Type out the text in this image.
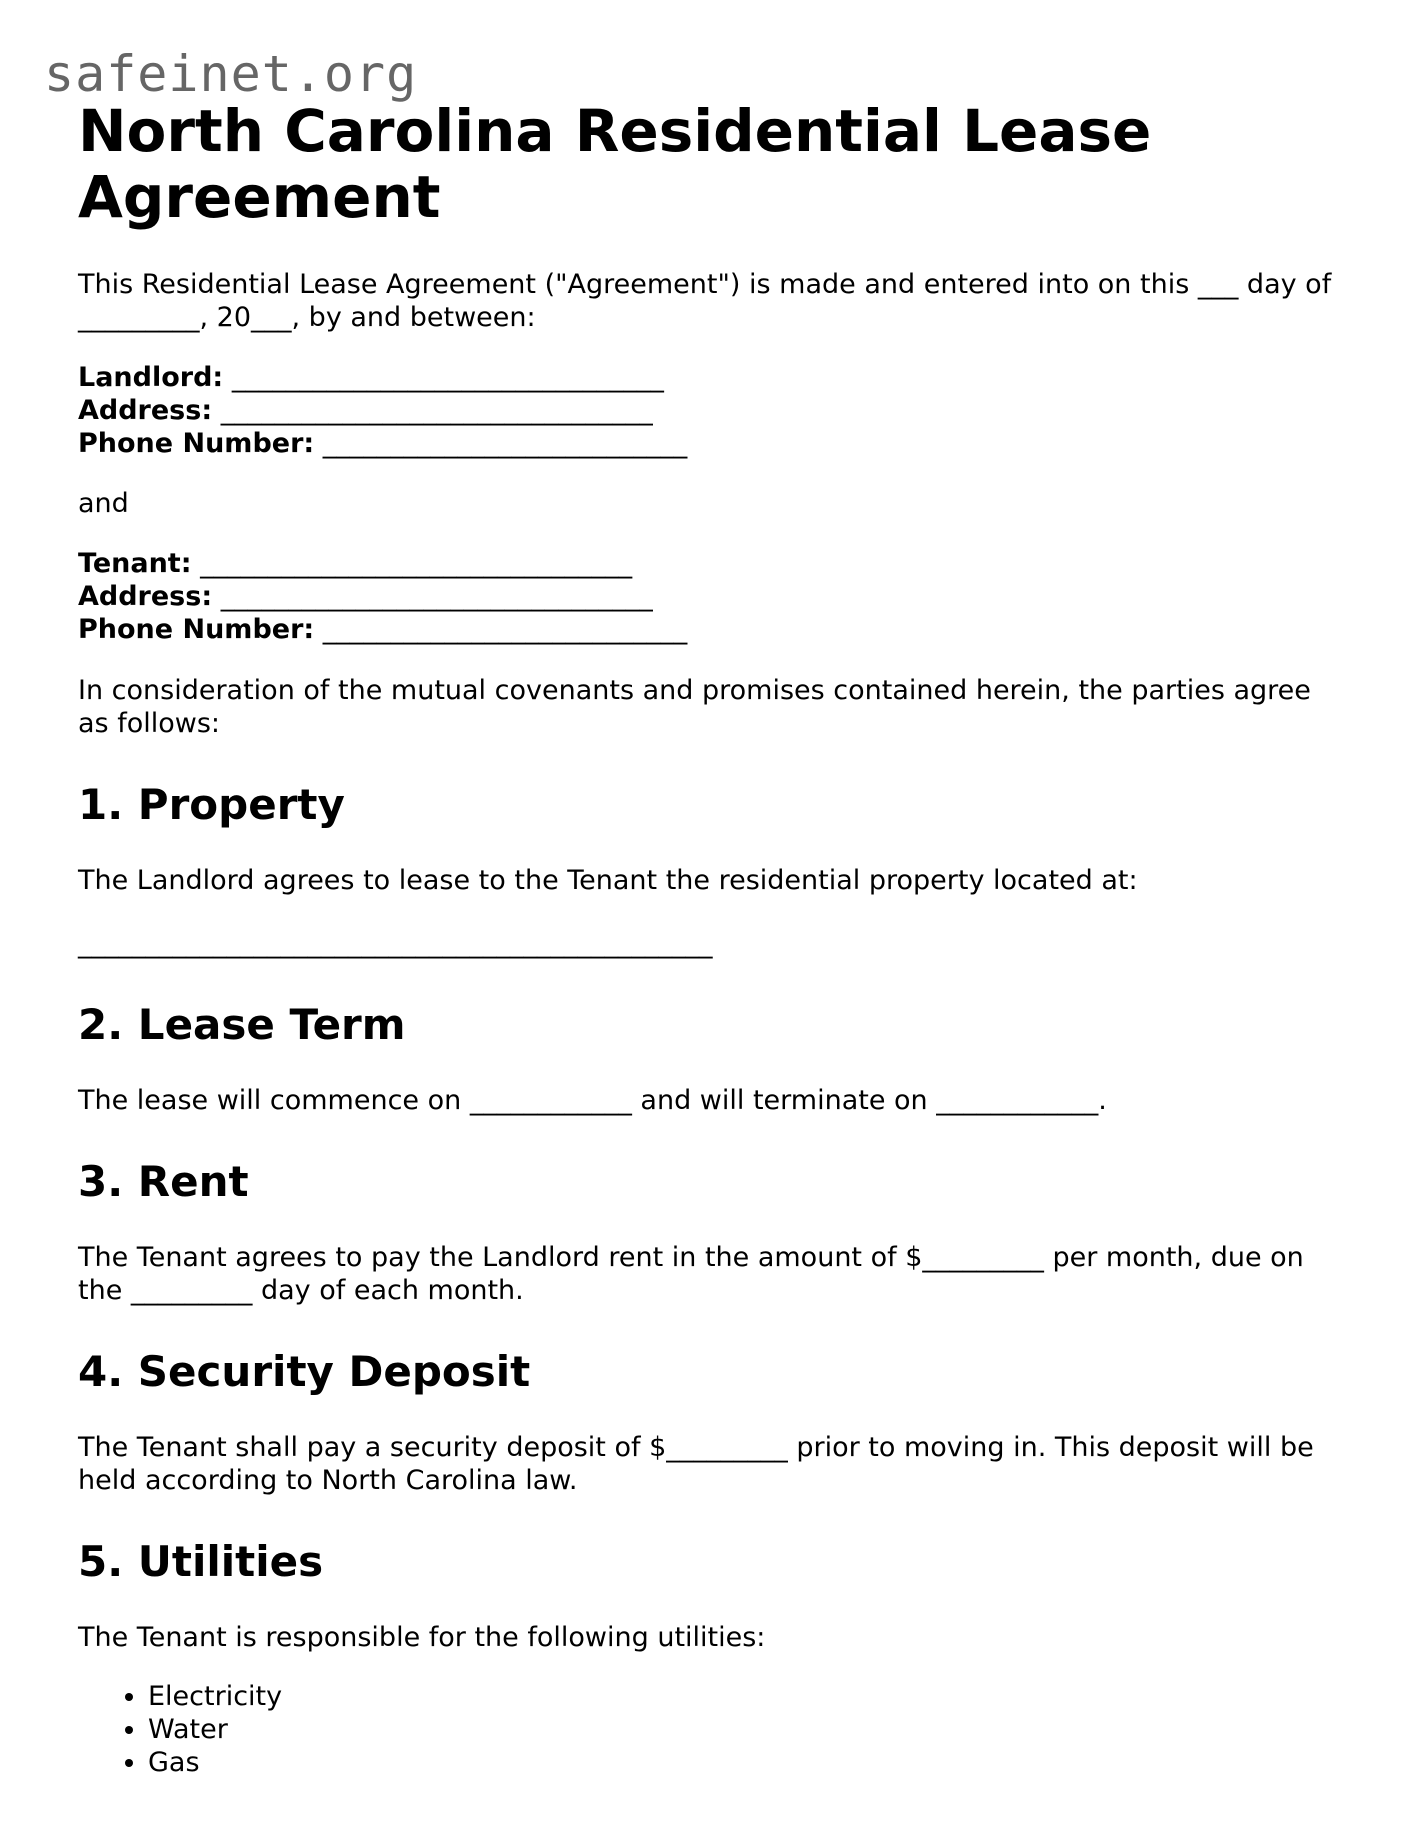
safeinet.org
North Carolina Residential Lease Agreement

This Residential Lease Agreement ("Agreement") is made and entered into on this ___ day of _________, 20___, by and between:

Landlord: ________________________________
Address: ________________________________
Phone Number: ___________________________

and

Tenant: ________________________________
Address: ________________________________
Phone Number: ___________________________

In consideration of the mutual covenants and promises contained herein, the parties agree as follows:

1. Property

The Landlord agrees to lease to the Tenant the residential property located at:

_______________________________________________
2. Lease Term

The lease will commence on ____________ and will terminate on ____________.

3. Rent

The Tenant agrees to pay the Landlord rent in the amount of $_________ per month, due on the _________ day of each month.

4. Security Deposit

The Tenant shall pay a security deposit of $_________ prior to moving in. This deposit will be held according to North Carolina law.

5. Utilities

The Tenant is responsible for the following utilities:

• Electricity
• Water
• Gas
